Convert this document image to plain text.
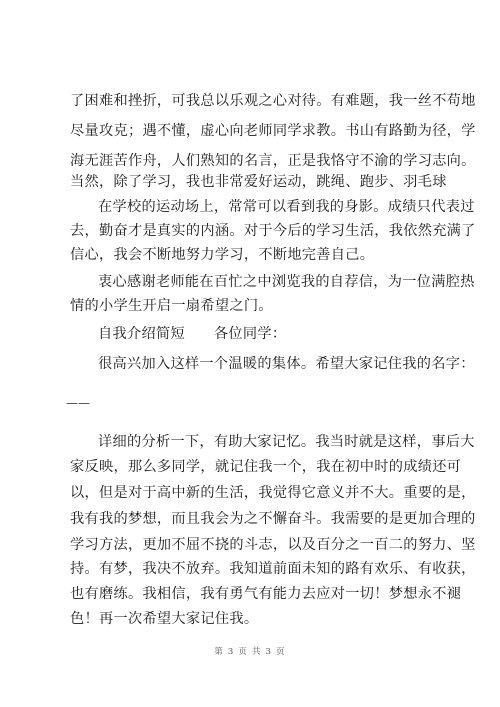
了困难和挫折，可我总以乐观之心对待。有难题，我一丝不苟地
尽量攻克；遇不懂，虚心向老师同学求教。书山有路勤为径，学
海无涯苦作舟，人们熟知的名言，正是我恪守不渝的学习志向。
当然，除了学习，我也非常爱好运动，跳绳、跑步、羽毛球
在学校的运动场上，常常可以看到我的身影。成绩只代表过
去，勤奋才是真实的内涵。对于今后的学习生活，我依然充满了
信心，我会不断地努力学习，不断地完善自己。
衷心感谢老师能在百忙之中浏览我的自荐信，为一位满腔热
情的小学生开启一扇希望之门。
自我介绍简短　　各位同学：
很高兴加入这样一个温暖的集体。希望大家记住我的名字：
——
详细的分析一下，有助大家记忆。我当时就是这样，事后大
家反映，那么多同学，就记住我一个，我在初中时的成绩还可
以，但是对于高中新的生活，我觉得它意义并不大。重要的是，
我有我的梦想，而且我会为之不懈奋斗。我需要的是更加合理的
学习方法，更加不屈不挠的斗志，以及百分之一百二的努力、坚
持。有梦，我决不放弃。我知道前面未知的路有欢乐、有收获，
也有磨练。我相信，我有勇气有能力去应对一切！梦想永不褪
色！再一次希望大家记住我。
第 3 页 共 3 页
